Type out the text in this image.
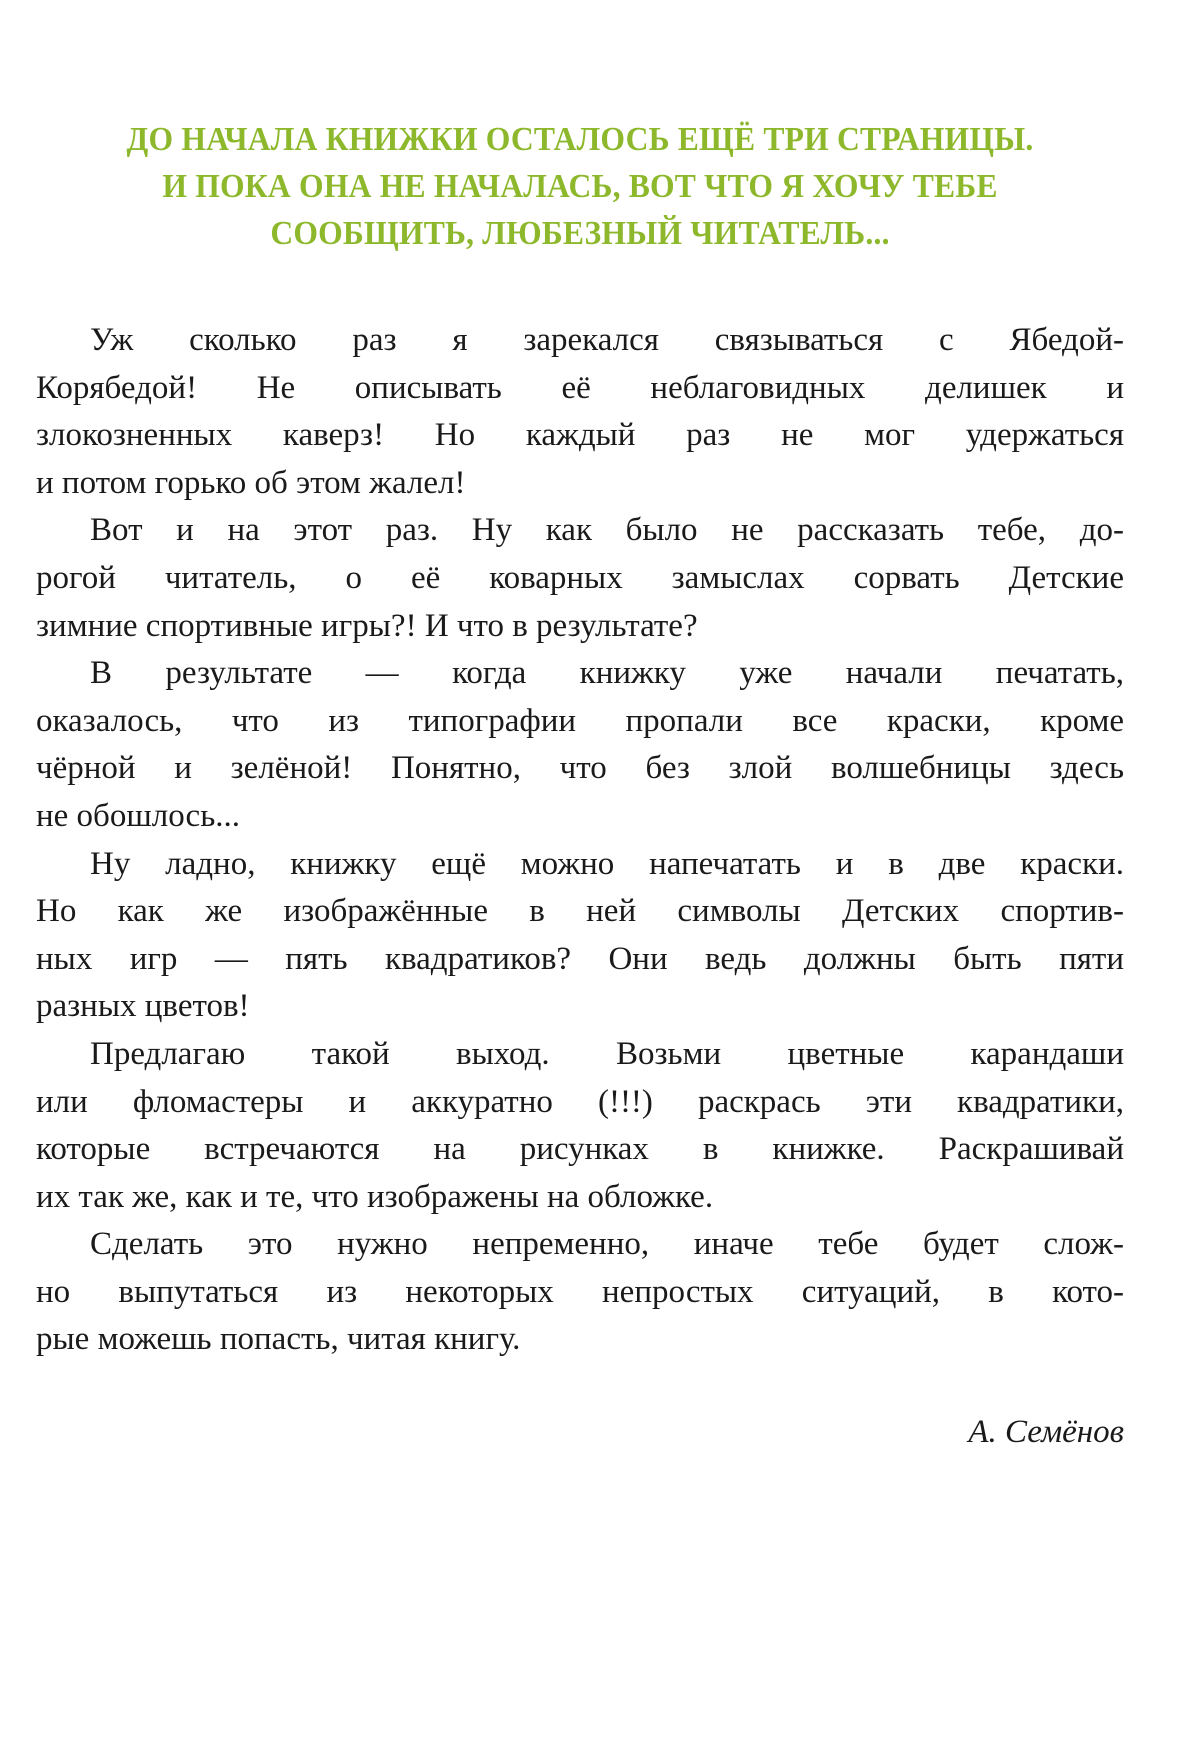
ДО НАЧАЛА КНИЖКИ ОСТАЛОСЬ ЕЩЁ ТРИ СТРАНИЦЫ.
И ПОКА ОНА НЕ НАЧАЛАСЬ, ВОТ ЧТО Я ХОЧУ ТЕБЕ
СООБЩИТЬ, ЛЮБЕЗНЫЙ ЧИТАТЕЛЬ...

Уж сколько раз я зарекался связываться с Ябедой-
Корябедой! Не описывать её неблаговидных делишек и
злокозненных каверз! Но каждый раз не мог удержаться
и потом горько об этом жалел!

Вот и на этот раз. Ну как было не рассказать тебе, до-
рогой читатель, о её коварных замыслах сорвать Детские
зимние спортивные игры?! И что в результате?

В результате — когда книжку уже начали печатать,
оказалось, что из типографии пропали все краски, кроме
чёрной и зелёной! Понятно, что без злой волшебницы здесь
не обошлось...

Ну ладно, книжку ещё можно напечатать и в две краски.
Но как же изображённые в ней символы Детских спортив-
ных игр — пять квадратиков? Они ведь должны быть пяти
разных цветов!

Предлагаю такой выход. Возьми цветные карандаши
или фломастеры и аккуратно (!!!) раскрась эти квадратики,
которые встречаются на рисунках в книжке. Раскрашивай
их так же, как и те, что изображены на обложке.

Сделать это нужно непременно, иначе тебе будет слож-
но выпутаться из некоторых непростых ситуаций, в кото-
рые можешь попасть, читая книгу.

А. Семёнов
